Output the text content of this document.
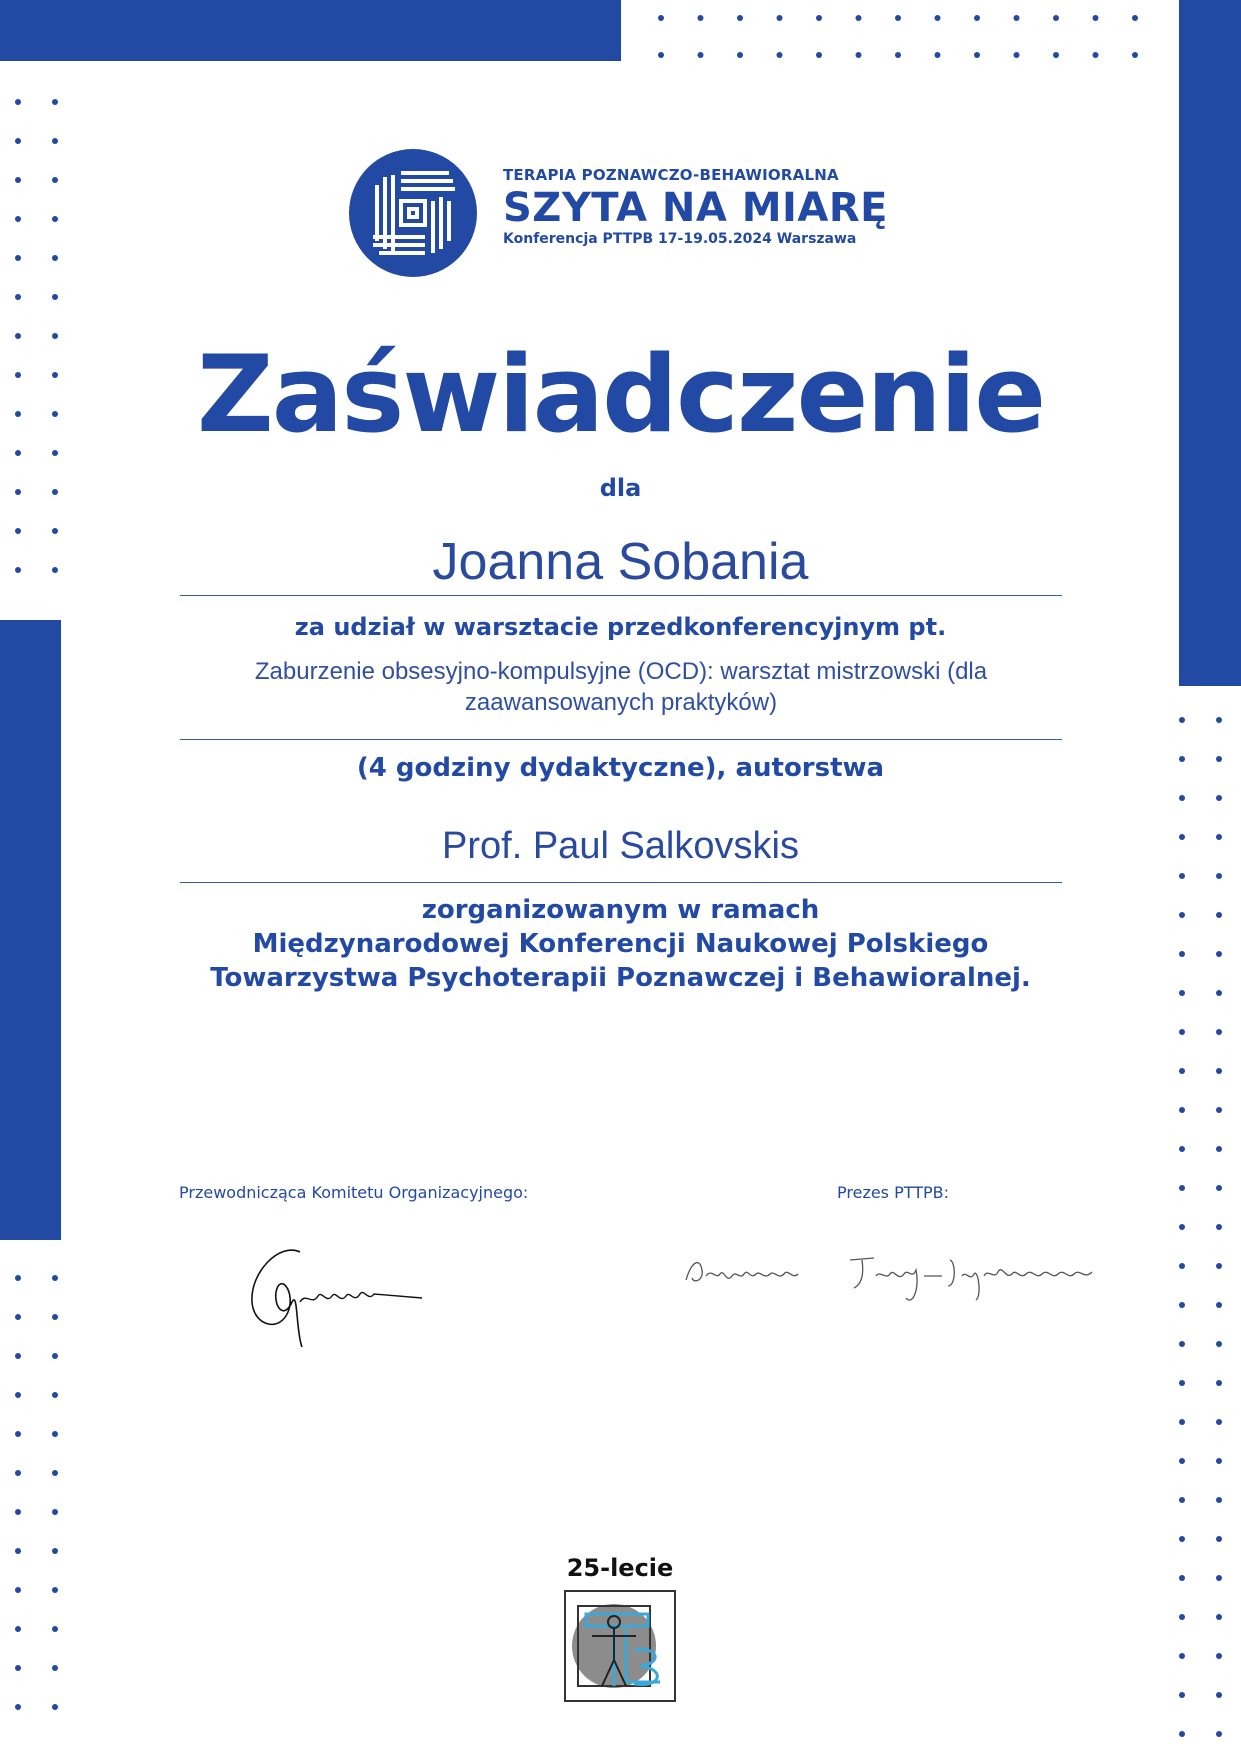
TERAPIA POZNAWCZO-BEHAWIORALNA
SZYTA NA MIARĘ
Konferencja PTTPB 17-19.05.2024 Warszawa
Zaświadczenie
dla
Joanna Sobania
za udział w warsztacie przedkonferencyjnym pt.
Zaburzenie obsesyjno-kompulsyjne (OCD): warsztat mistrzowski (dla
zaawansowanych praktyków)
(4 godziny dydaktyczne), autorstwa
Prof. Paul Salkovskis
zorganizowanym w ramach
Międzynarodowej Konferencji Naukowej Polskiego
Towarzystwa Psychoterapii Poznawczej i Behawioralnej.
Przewodnicząca Komitetu Organizacyjnego:	Prezes PTTPB:
25-lecie
